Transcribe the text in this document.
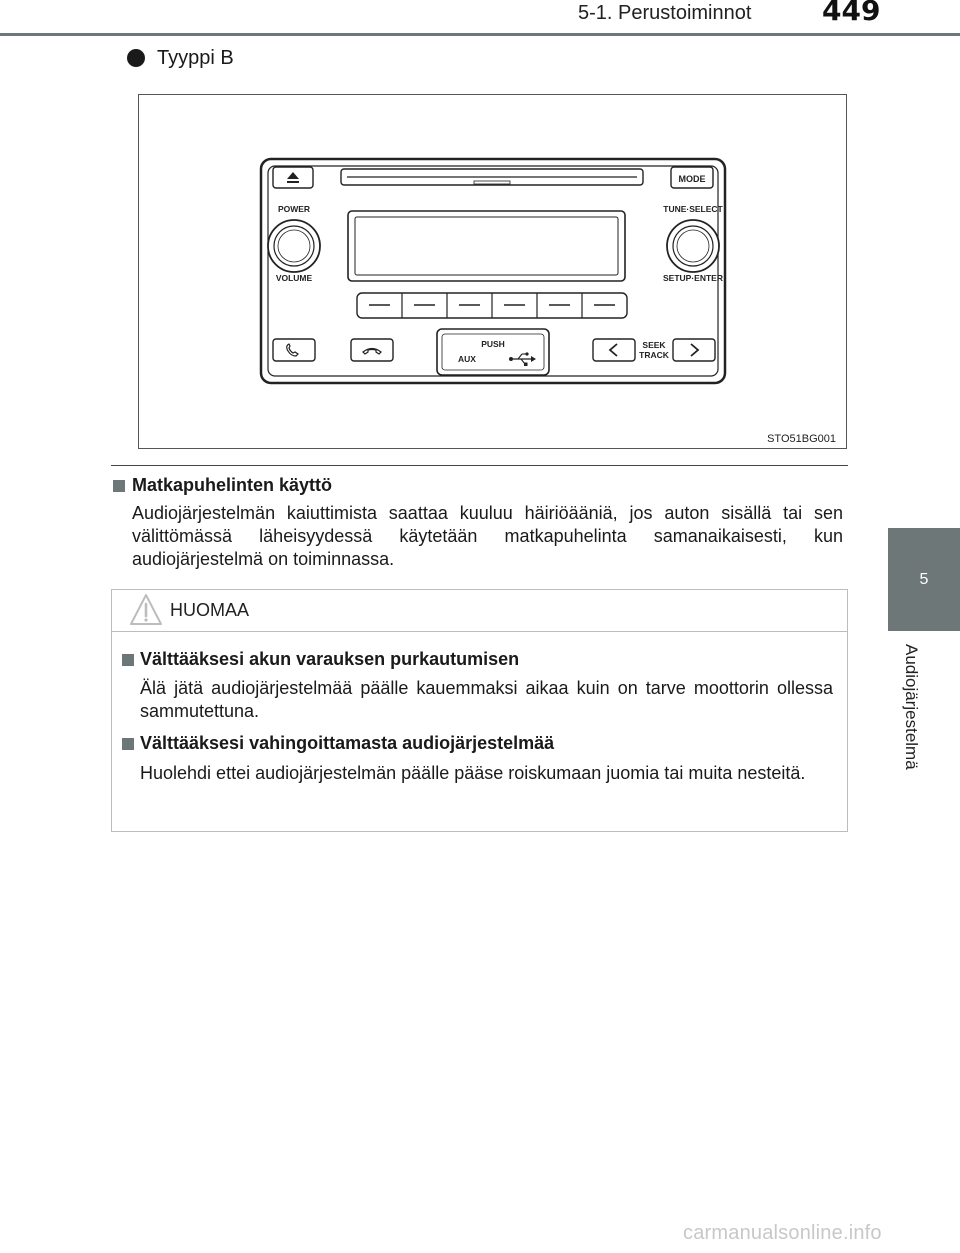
5-1. Perustoiminnot	449
5
Audiojärjestelmä
Tyyppi B
MODE
POWER
VOLUME
TUNE·SELECT
SETUP·ENTER
PUSH
AUX
SEEK
TRACK
STO51BG001
Matkapuhelinten käyttö
Audiojärjestelmän kaiuttimista saattaa kuuluu häiriöääniä, jos auton sisällä tai sen välittömässä läheisyydessä käytetään matkapuhelinta samanaikaisesti, kun audiojärjestelmä on toiminnassa.
HUOMAA
Välttääksesi akun varauksen purkautumisen
Älä jätä audiojärjestelmää päälle kauemmaksi aikaa kuin on tarve moottorin ollessa sammutettuna.
Välttääksesi vahingoittamasta audiojärjestelmää
Huolehdi ettei audiojärjestelmän päälle pääse roiskumaan juomia tai muita nesteitä.
carmanualsonline.info
